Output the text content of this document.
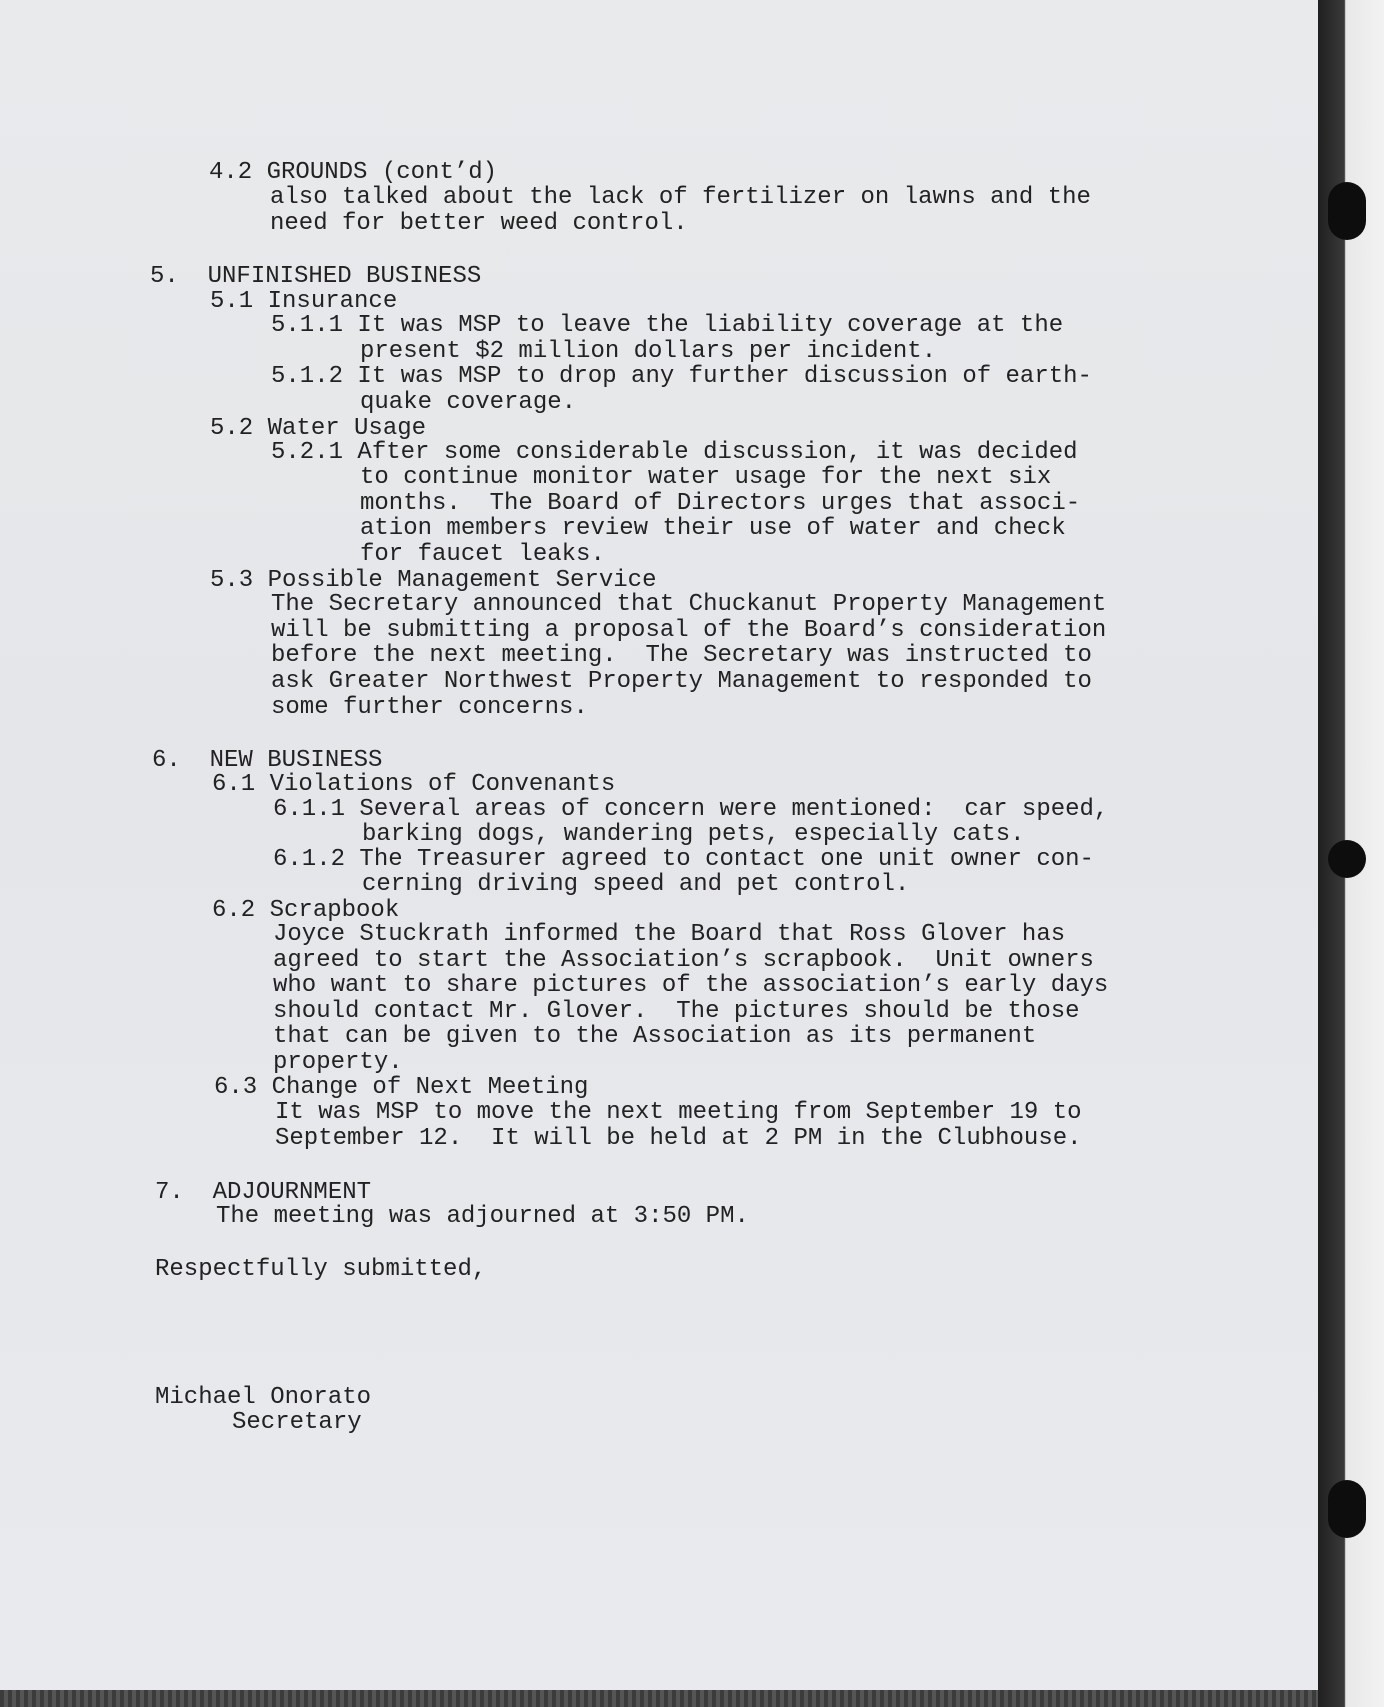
4.2 GROUNDS (cont’d)
also talked about the lack of fertilizer on lawns and the
need for better weed control.
5.  UNFINISHED BUSINESS
5.1 Insurance
5.1.1 It was MSP to leave the liability coverage at the
present $2 million dollars per incident.
5.1.2 It was MSP to drop any further discussion of earth-
quake coverage.
5.2 Water Usage
5.2.1 After some considerable discussion, it was decided
to continue monitor water usage for the next six
months.  The Board of Directors urges that associ-
ation members review their use of water and check
for faucet leaks.
5.3 Possible Management Service
The Secretary announced that Chuckanut Property Management
will be submitting a proposal of the Board’s consideration
before the next meeting.  The Secretary was instructed to
ask Greater Northwest Property Management to responded to
some further concerns.
6.  NEW BUSINESS
6.1 Violations of Convenants
6.1.1 Several areas of concern were mentioned:  car speed,
barking dogs, wandering pets, especially cats.
6.1.2 The Treasurer agreed to contact one unit owner con-
cerning driving speed and pet control.
6.2 Scrapbook
Joyce Stuckrath informed the Board that Ross Glover has
agreed to start the Association’s scrapbook.  Unit owners
who want to share pictures of the association’s early days
should contact Mr. Glover.  The pictures should be those
that can be given to the Association as its permanent
property.
6.3 Change of Next Meeting
It was MSP to move the next meeting from September 19 to
September 12.  It will be held at 2 PM in the Clubhouse.
7.  ADJOURNMENT
The meeting was adjourned at 3:50 PM.
Respectfully submitted,
Michael Onorato
Secretary
